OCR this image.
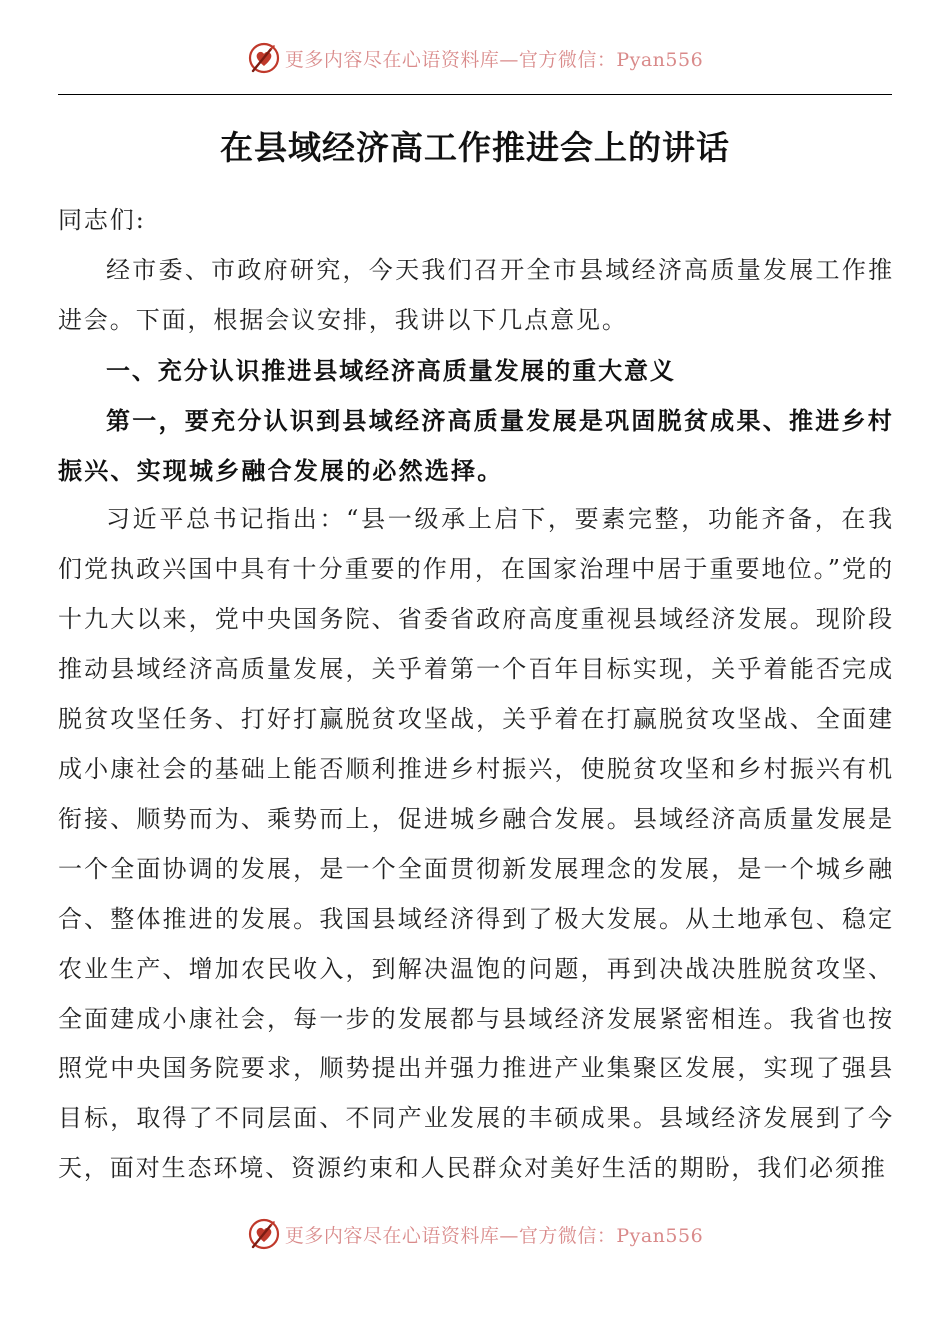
更多内容尽在心语资料库—官方微信：Pyan556
在县域经济高工作推进会上的讲话

同志们:

经市委、市政府研究，今天我们召开全市县域经济高质量发展工作推进会。下面，根据会议安排，我讲以下几点意见。

一、充分认识推进县域经济高质量发展的重大意义

第一，要充分认识到县域经济高质量发展是巩固脱贫成果、推进乡村振兴、实现城乡融合发展的必然选择。

习近平总书记指出：“县一级承上启下，要素完整，功能齐备，在我们党执政兴国中具有十分重要的作用，在国家治理中居于重要地位。”党的十九大以来，党中央国务院、省委省政府高度重视县域经济发展。现阶段推动县域经济高质量发展，关乎着第一个百年目标实现，关乎着能否完成脱贫攻坚任务、打好打赢脱贫攻坚战，关乎着在打赢脱贫攻坚战、全面建成小康社会的基础上能否顺利推进乡村振兴，使脱贫攻坚和乡村振兴有机衔接、顺势而为、乘势而上，促进城乡融合发展。县域经济高质量发展是一个全面协调的发展，是一个全面贯彻新发展理念的发展，是一个城乡融合、整体推进的发展。我国县域经济得到了极大发展。从土地承包、稳定农业生产、增加农民收入，到解决温饱的问题，再到决战决胜脱贫攻坚、全面建成小康社会，每一步的发展都与县域经济发展紧密相连。我省也按照党中央国务院要求，顺势提出并强力推进产业集聚区发展，实现了强县目标，取得了不同层面、不同产业发展的丰硕成果。县域经济发展到了今天，面对生态环境、资源约束和人民群众对美好生活的期盼，我们必须推

更多内容尽在心语资料库—官方微信：Pyan556
